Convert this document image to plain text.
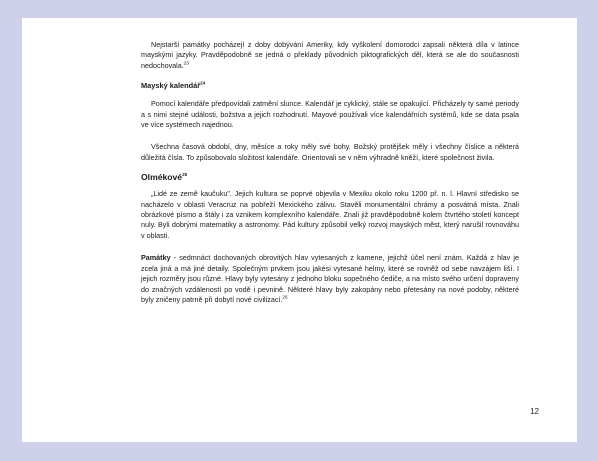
Nejstarší památky pocházejí z doby dobývání Ameriky, kdy vyškolení domorodci zapsali některá díla v latince mayskými jazyky. Pravděpodobně se jedná o překlady původních piktografických děl, která se ale do současnosti nedochovala.$^{23}$

Mayský kalendář$^{24}$

Pomocí kalendáře předpovídali zatmění slunce. Kalendář je cyklický, stále se opakující. Přicházely ty samé periody a s nimi stejné události, božstva a jejich rozhodnutí. Mayové používali více kalendářních systémů, kde se data psala ve více systémech najednou.

Všechna časová období, dny, měsíce a roky měly své bohy. Božský protějšek měly i všechny číslice a některá důležitá čísla. To způsobovalo složitost kalendáře. Orientovali se v něm výhradně kněží, které společnost živila.

Olmékové$^{25}$

„Lidé ze země kaučuku". Jejich kultura se poprvé objevila v Mexiku okolo roku 1200 př. n. l. Hlavní středisko se nacházelo v oblasti Veracruz na pobřeží Mexického zálivu. Stavěli monumentální chrámy a posvátná místa. Znali obrázkové písmo a štály i za vznikem komplexního kalendáře. Znali již pravděpodobně kolem čtvrtého století koncept nuly. Byli dobrými matematiky a astronomy. Pád kultury způsobil velký rozvoj mayských měst, který narušil rovnováhu v oblasti.

Památky - sedmnáct dochovaných obrovitých hlav vytesaných z kamene, jejichž účel není znám. Každá z hlav je zcela jiná a má jiné detaily. Společným prvkem jsou jakési vytesané helmy, které se rovněž od sebe navzájem liší. I jejich rozměry jsou různé. Hlavy byly vytesány z jednoho bloku sopečného čediče, a na místo svého určení dopraveny do značných vzdáleností po vodě i pevnině. Některé hlavy byly zakopány nebo přetesány na nové podoby, některé byly zničeny patrně při dobytí nové civilizací.$^{26}$

12
